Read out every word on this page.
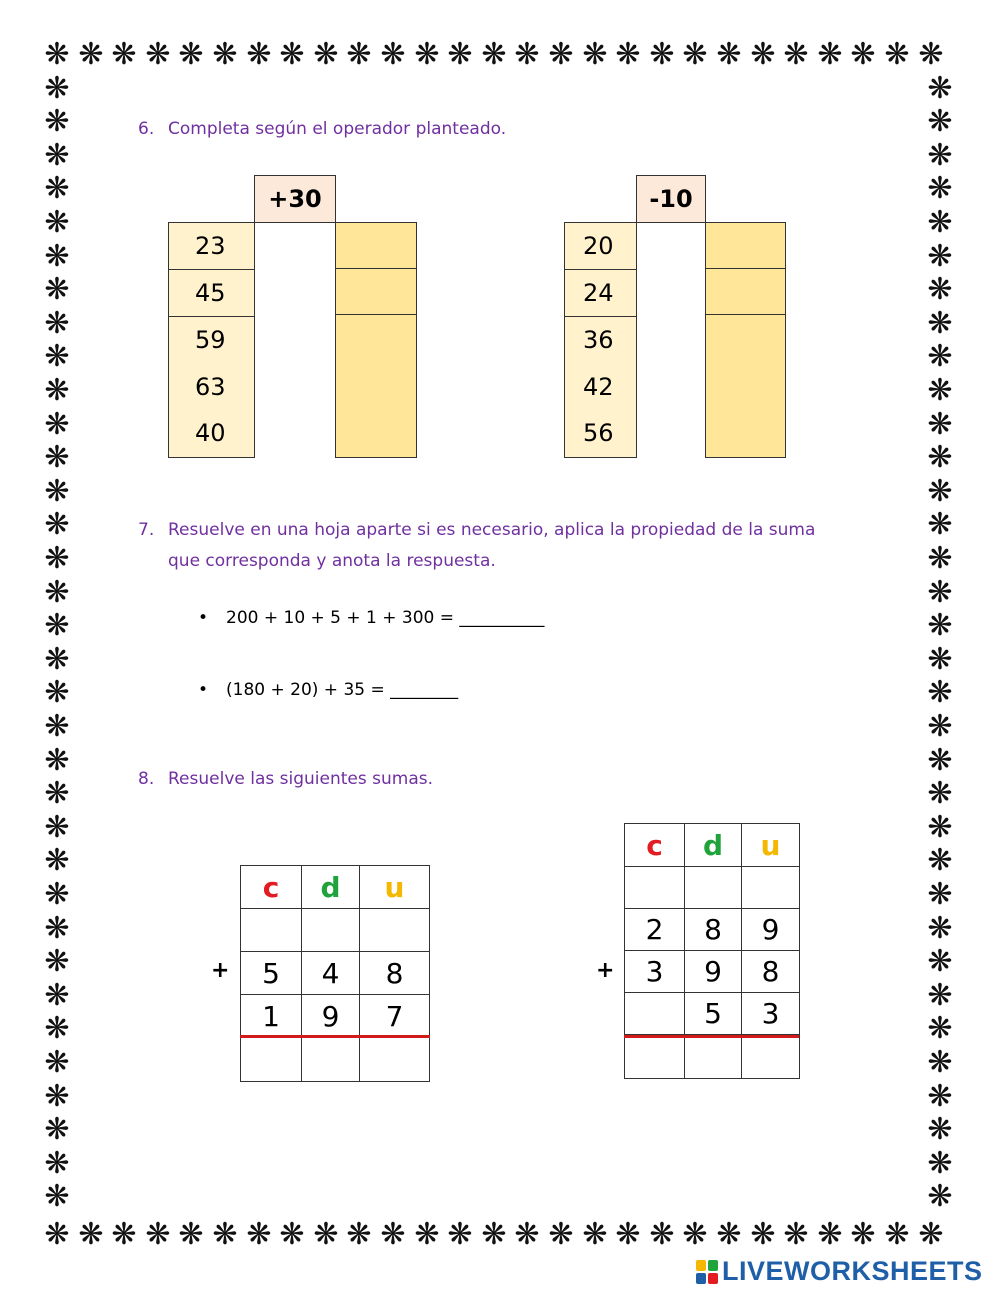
❋
❋
❋
❋
❋
❋
❋
❋
❋
❋
❋
❋
❋
❋
❋
❋
❋
❋
❋
❋
❋
❋
❋
❋
❋
❋
❋
❋
❋
❋
❋
❋
❋
❋
❋
❋
❋
❋
❋
❋
❋
❋
❋
❋
❋
❋
❋
❋
❋
❋
❋
❋
❋
❋
❋	❋
❋	❋
❋	❋
❋	❋
❋	❋
❋	❋
❋	❋
❋	❋
❋	❋
❋	❋
❋	❋
❋	❋
❋	❋
❋	❋
❋	❋
❋	❋
❋	❋
❋	❋
❋	❋
❋	❋
❋	❋
❋	❋
❋	❋
❋	❋
❋	❋
❋	❋
❋	❋
❋	❋
❋	❋
❋	❋
❋	❋
❋	❋
❋	❋
❋	❋
6. Completa según el operador planteado.
+30
23
45
59
63
40
-10
20
24
36
42
56
7. Resuelve en una hoja aparte si es necesario, aplica la propiedad de la suma
que corresponda y anota la respuesta.
• 200 + 10 + 5 + 1 + 300 = __________
• (180 + 20) + 35 = ________
8. Resuelve las siguientes sumas.
+
c	d	u

5	4	8
1	9	7

+
c	d	u

2	8	9
3	9	8
	5	3

LIVEWORKSHEETS
